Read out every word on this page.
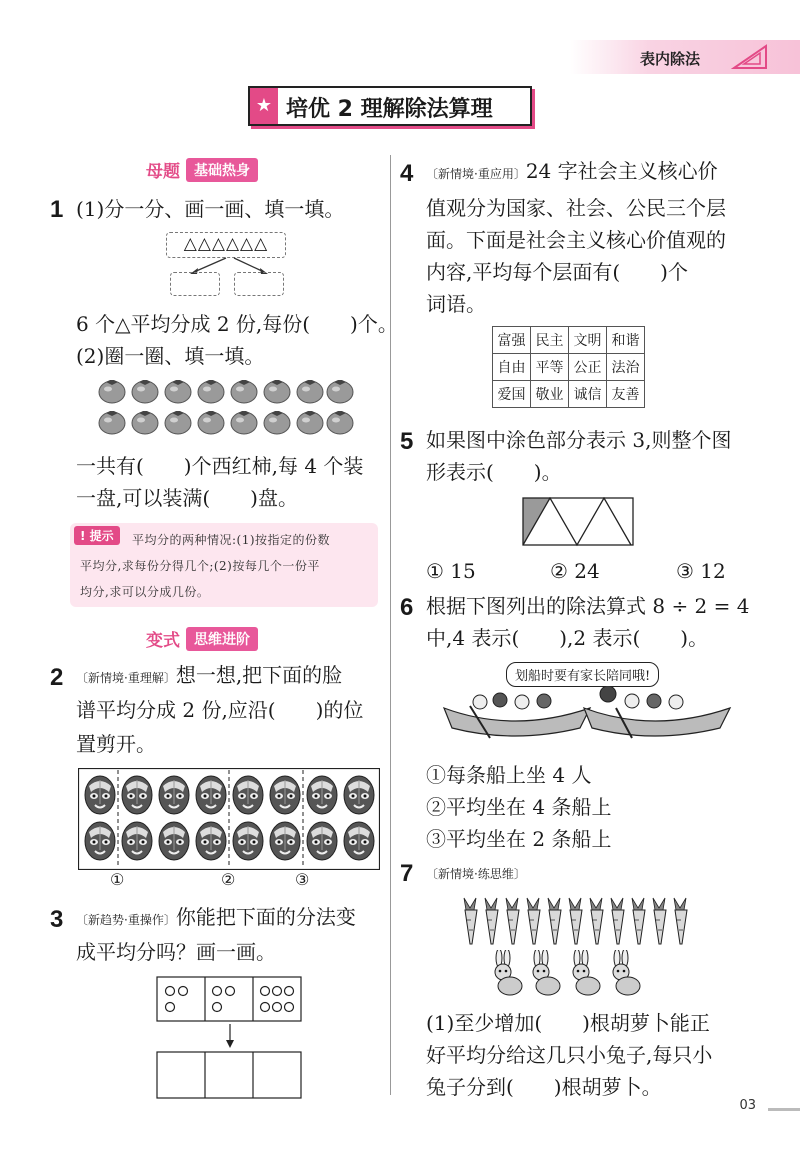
表内除法
★ 培优 2 理解除法算理
母题	基础热身
1 (1)分一分、画一画、填一填。
△△△△△△
6 个△平均分成 2 份,每份(　　)个。
(2)圈一圈、填一填。
一共有(　　)个西红柿,每 4 个装
一盘,可以装满(　　)盘。
! 提示	平均分的两种情况:(1)按指定的份数
平均分,求每份分得几个;(2)按每几个一份平
均分,求可以分成几份。
变式	思维进阶
2 〔新情境·重理解〕想一想,把下面的脸
谱平均分成 2 份,应沿(　　)的位
置剪开。
①	②	③
3 〔新趋势·重操作〕你能把下面的分法变
成平均分吗？画一画。
4 〔新情境·重应用〕24 字社会主义核心价
值观分为国家、社会、公民三个层
面。下面是社会主义核心价值观的
内容,平均每个层面有(　　)个
词语。
富强	民主	文明	和谐
自由	平等	公正	法治
爱国	敬业	诚信	友善
5 如果图中涂色部分表示 3,则整个图
形表示(　　)。
① 15	② 24	③ 12
6 根据下图列出的除法算式 8 ÷ 2 = 4
中,4 表示(　　),2 表示(　　)。
划船时要有家长陪同哦!
①每条船上坐 4 人
②平均坐在 4 条船上
③平均坐在 2 条船上
7 〔新情境·练思维〕
(1)至少增加(　　)根胡萝卜能正
好平均分给这几只小兔子,每只小
兔子分到(　　)根胡萝卜。
03
